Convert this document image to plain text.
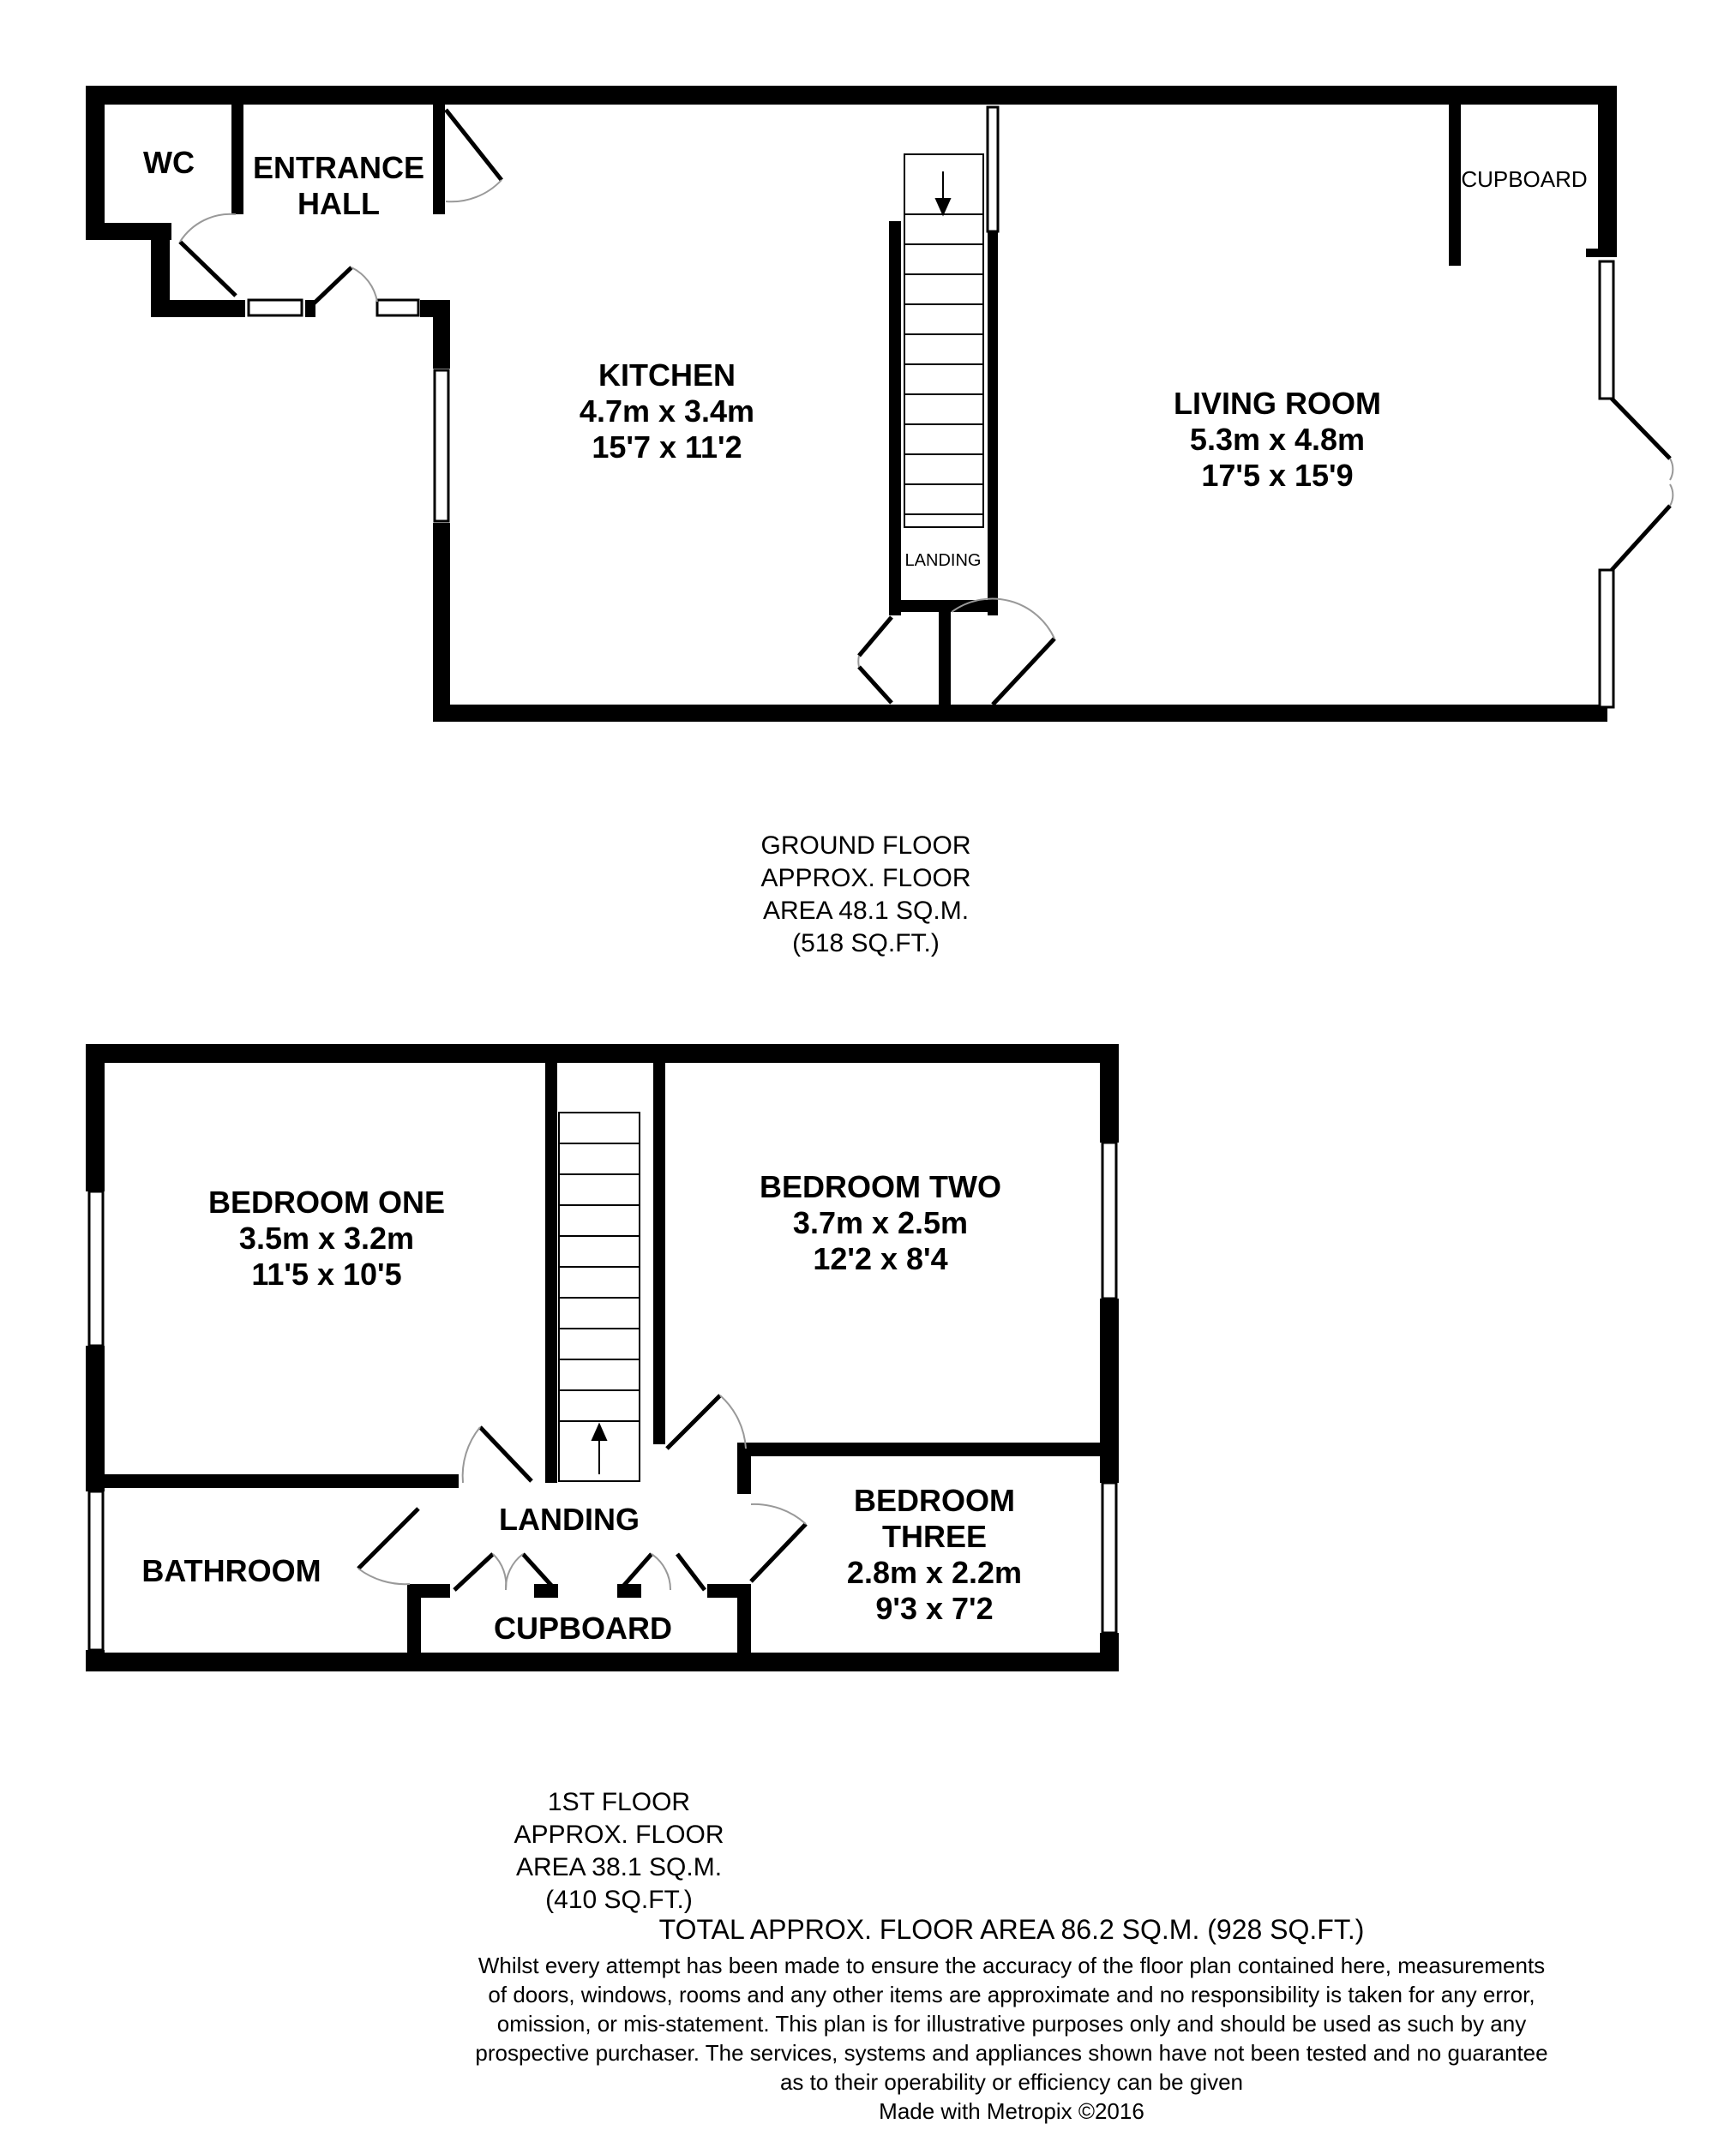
WC ENTRANCE
HALL
KITCHEN
4.7m x 3.4m
15'7 x 11'2
LIVING ROOM
5.3m x 4.8m
17'5 x 15'9
CUPBOARD
LANDING
GROUND FLOOR
APPROX. FLOOR
AREA 48.1 SQ.M.
(518 SQ.FT.)
BEDROOM ONE
3.5m x 3.2m
11'5 x 10'5
BEDROOM TWO
3.7m x 2.5m
12'2 x 8'4
BEDROOM
THREE
2.8m x 2.2m
9'3 x 7'2
BATHROOM
LANDING
CUPBOARD
1ST FLOOR
APPROX. FLOOR
AREA 38.1 SQ.M.
(410 SQ.FT.)
TOTAL APPROX. FLOOR AREA 86.2 SQ.M. (928 SQ.FT.)
Whilst every attempt has been made to ensure the accuracy of the floor plan contained here, measurements
of doors, windows, rooms and any other items are approximate and no responsibility is taken for any error,
omission, or mis-statement. This plan is for illustrative purposes only and should be used as such by any
prospective purchaser. The services, systems and appliances shown have not been tested and no guarantee
as to their operability or efficiency can be given
Made with Metropix ©2016
